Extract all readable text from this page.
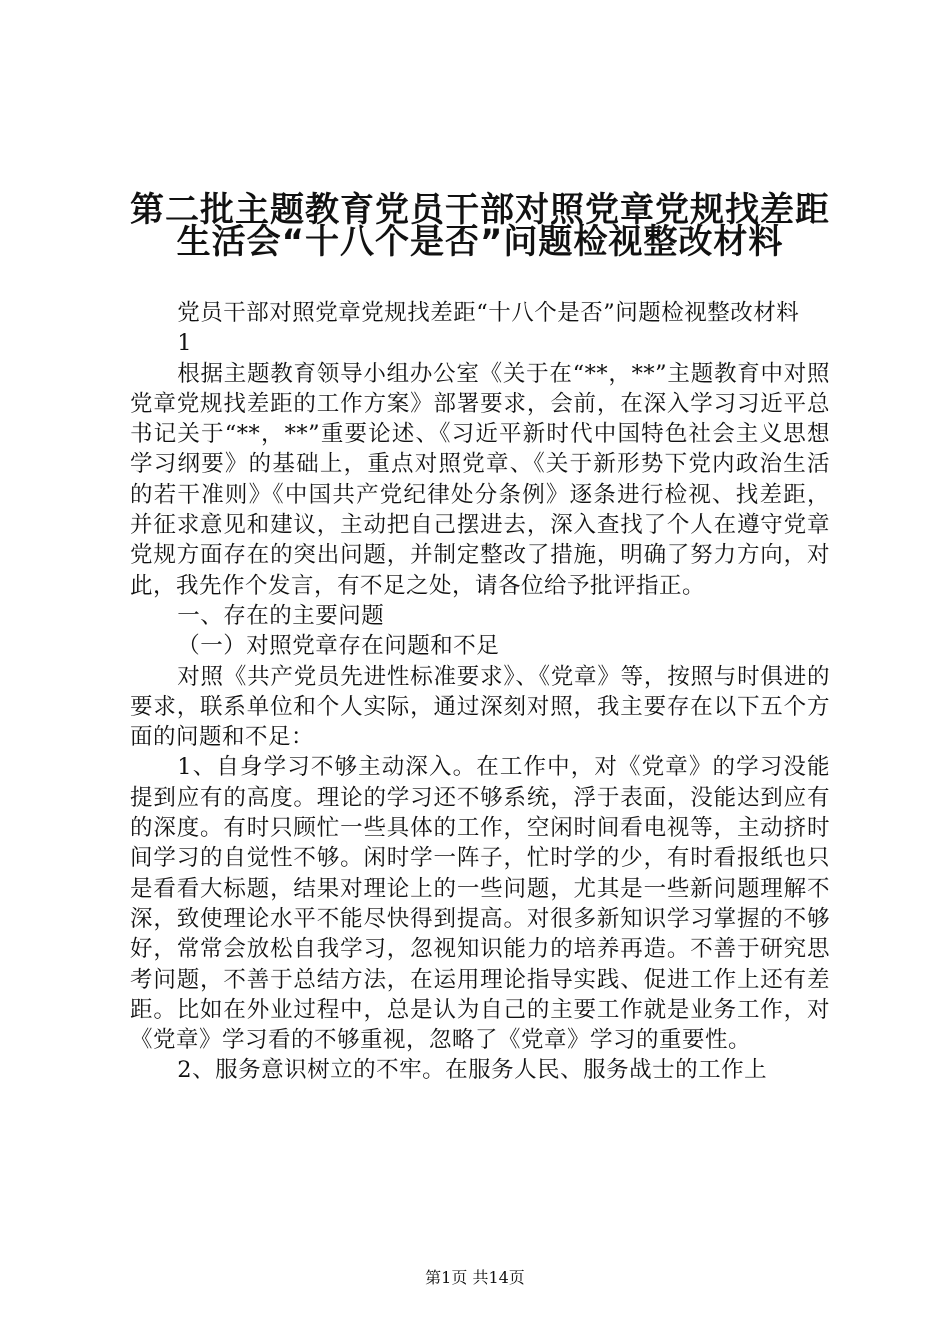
第二批主题教育党员干部对照党章党规找差距
生活会“十八个是否”问题检视整改材料

党员干部对照党章党规找差距“十八个是否”问题检视整改材料

1

根据主题教育领导小组办公室《关于在“**，**”主题教育中对照党章党规找差距的工作方案》部署要求，会前，在深入学习习近平总书记关于“**，**”重要论述、《习近平新时代中国特色社会主义思想学习纲要》的基础上，重点对照党章、《关于新形势下党内政治生活的若干准则》《中国共产党纪律处分条例》逐条进行检视、找差距，并征求意见和建议，主动把自己摆进去，深入查找了个人在遵守党章党规方面存在的突出问题，并制定整改了措施，明确了努力方向，对此，我先作个发言，有不足之处，请各位给予批评指正。

一、存在的主要问题

（一）对照党章存在问题和不足

对照《共产党员先进性标准要求》、《党章》等，按照与时俱进的要求，联系单位和个人实际，通过深刻对照，我主要存在以下五个方面的问题和不足：

1、自身学习不够主动深入。在工作中，对《党章》的学习没能提到应有的高度。理论的学习还不够系统，浮于表面，没能达到应有的深度。有时只顾忙一些具体的工作，空闲时间看电视等，主动挤时间学习的自觉性不够。闲时学一阵子，忙时学的少，有时看报纸也只是看看大标题，结果对理论上的一些问题，尤其是一些新问题理解不深，致使理论水平不能尽快得到提高。对很多新知识学习掌握的不够好，常常会放松自我学习，忽视知识能力的培养再造。不善于研究思考问题，不善于总结方法，在运用理论指导实践、促进工作上还有差距。比如在外业过程中，总是认为自己的主要工作就是业务工作，对《党章》学习看的不够重视，忽略了《党章》学习的重要性。

2、服务意识树立的不牢。在服务人民、服务战士的工作上

第1页 共14页
